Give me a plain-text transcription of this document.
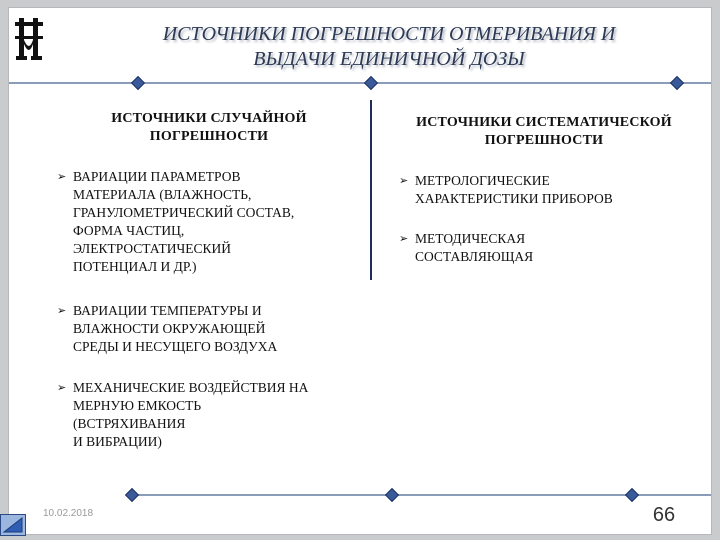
ИСТОЧНИКИ ПОГРЕШНОСТИ ОТМЕРИВАНИЯ И
ВЫДАЧИ ЕДИНИЧНОЙ ДОЗЫ
ИСТОЧНИКИ СЛУЧАЙНОЙ ПОГРЕШНОСТИ
ИСТОЧНИКИ СИСТЕМАТИЧЕСКОЙ ПОГРЕШНОСТИ
➢ ВАРИАЦИИ ПАРАМЕТРОВ
МАТЕРИАЛА (ВЛАЖНОСТЬ,
ГРАНУЛОМЕТРИЧЕСКИЙ СОСТАВ,
ФОРМА ЧАСТИЦ,
ЭЛЕКТРОСТАТИЧЕСКИЙ
ПОТЕНЦИАЛ И ДР.)
➢ ВАРИАЦИИ ТЕМПЕРАТУРЫ И
ВЛАЖНОСТИ ОКРУЖАЮЩЕЙ
СРЕДЫ И НЕСУЩЕГО ВОЗДУХА
➢ МЕХАНИЧЕСКИЕ ВОЗДЕЙСТВИЯ НА
МЕРНУЮ ЕМКОСТЬ
(ВСТРЯХИВАНИЯ
И ВИБРАЦИИ)
➢ МЕТРОЛОГИЧЕСКИЕ
ХАРАКТЕРИСТИКИ ПРИБОРОВ
➢ МЕТОДИЧЕСКАЯ
СОСТАВЛЯЮЩАЯ
10.02.2018	66
